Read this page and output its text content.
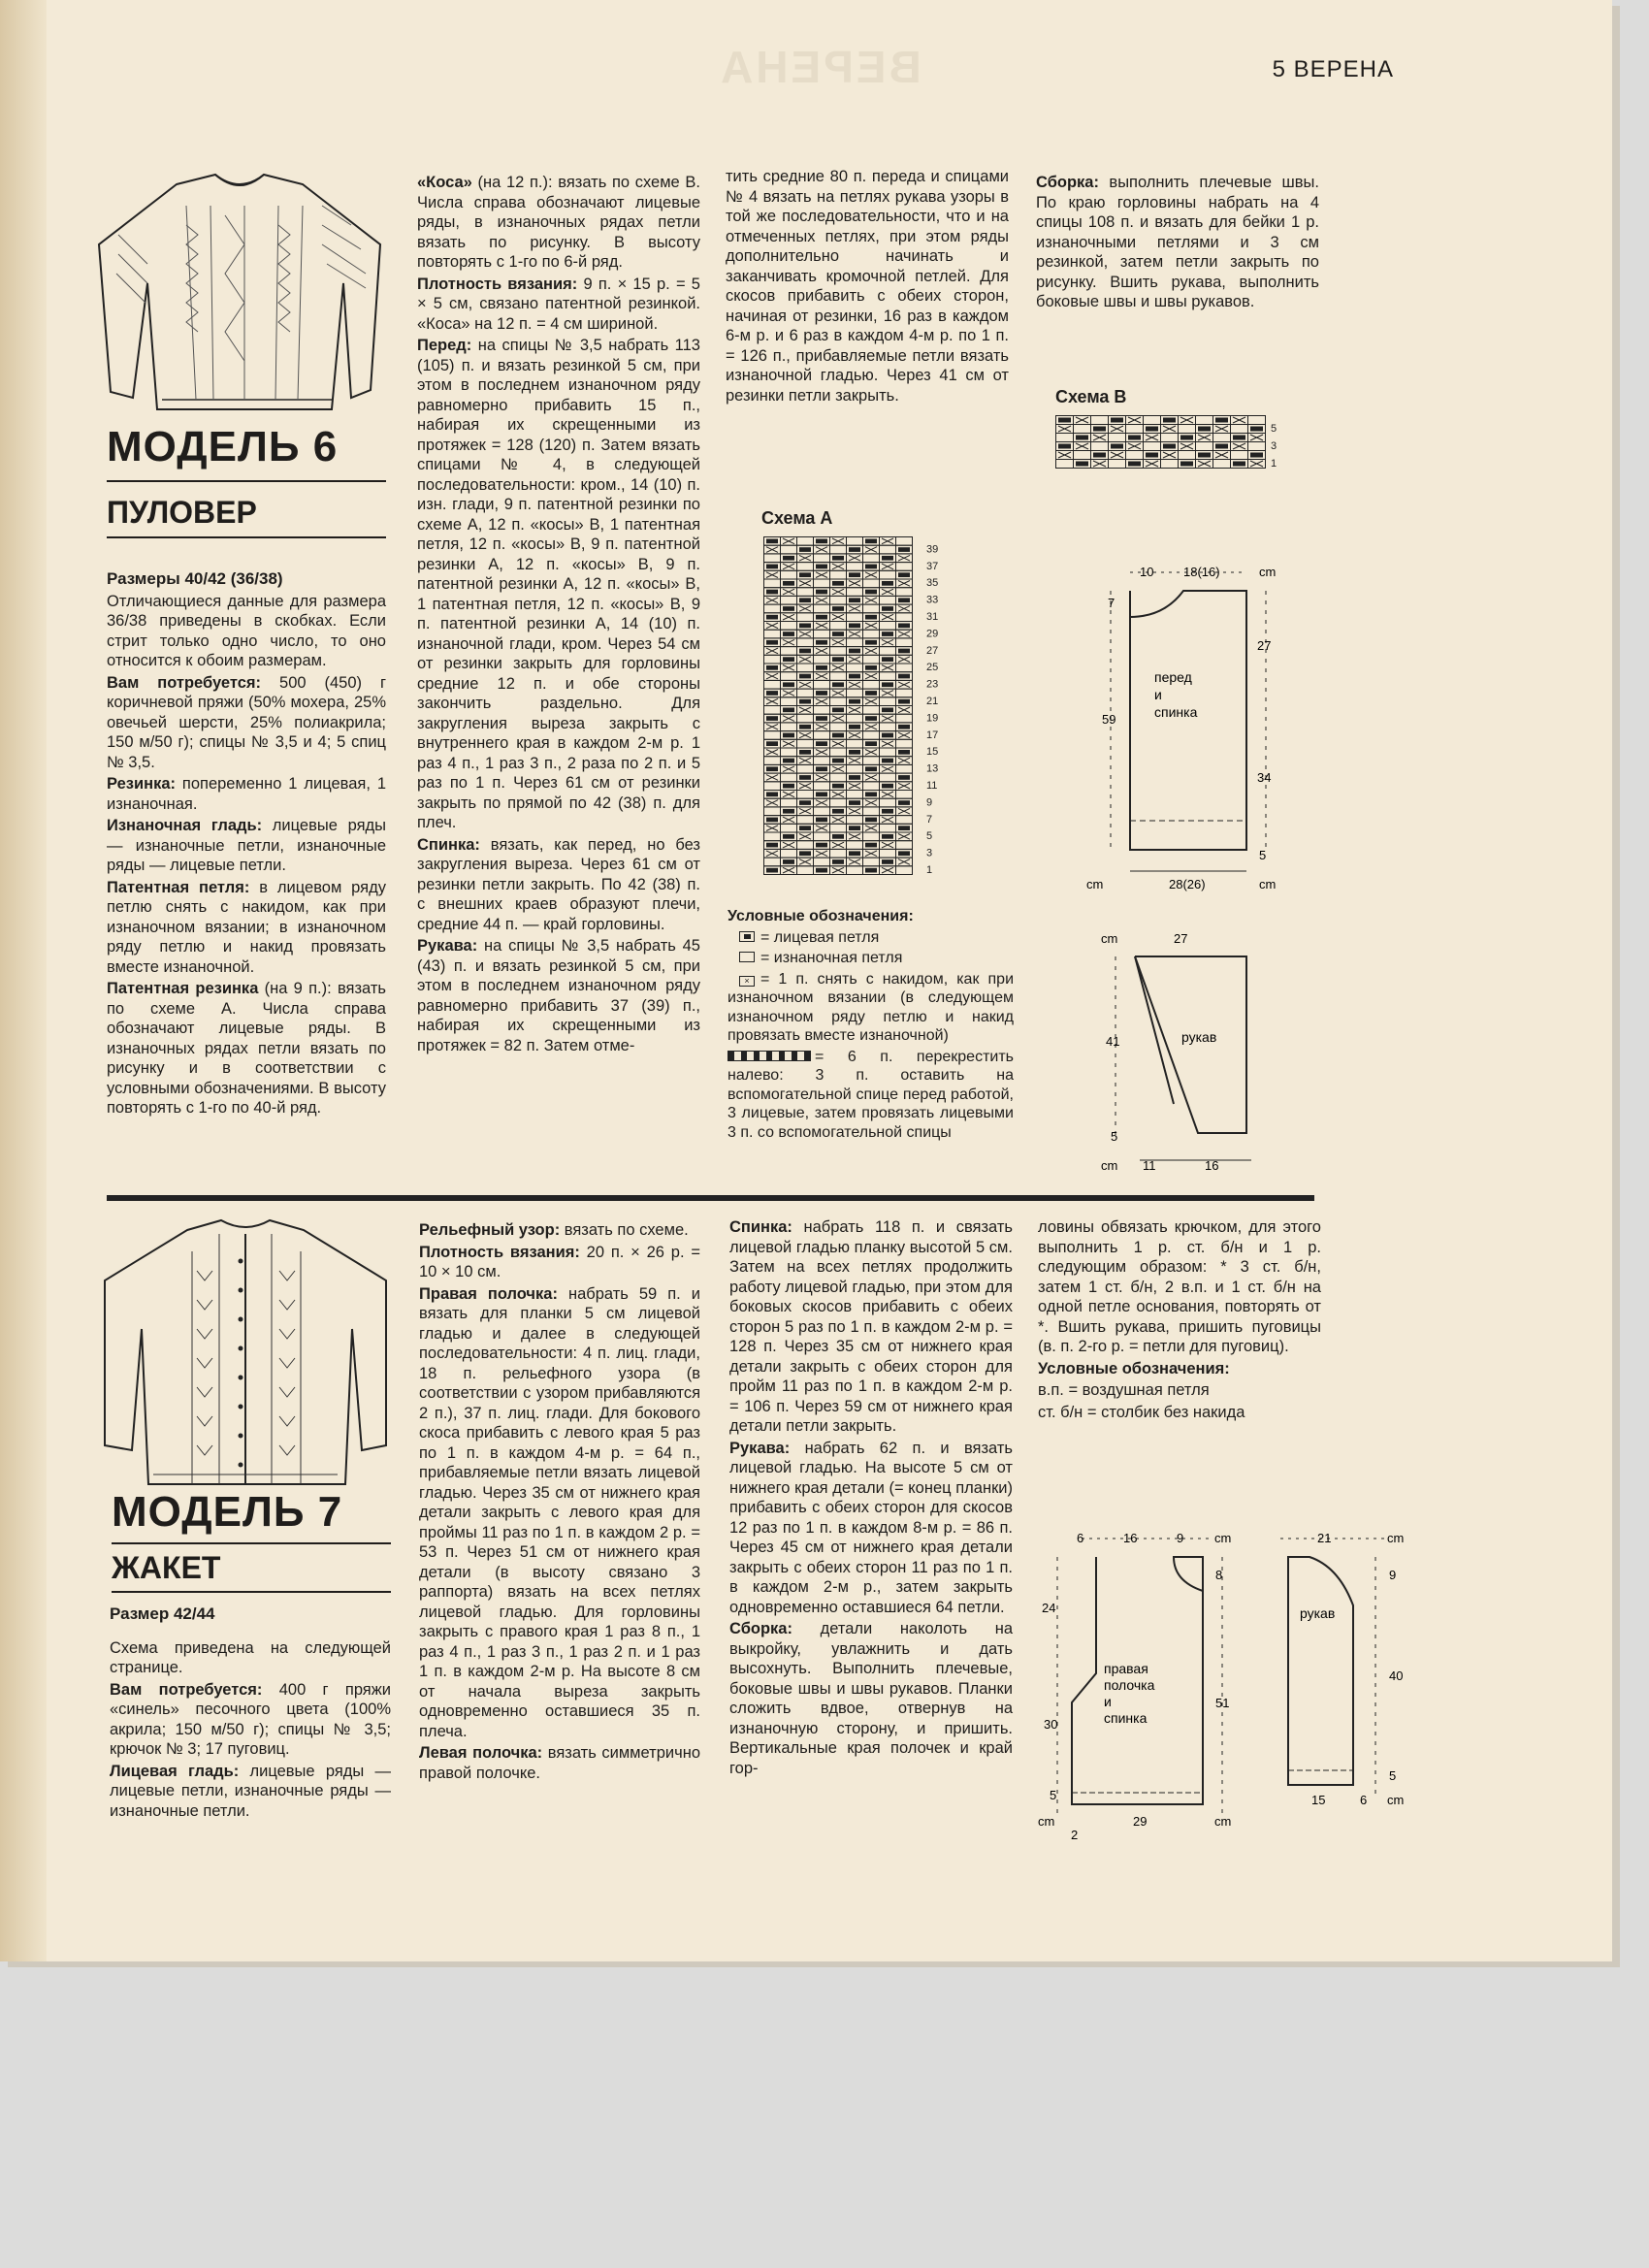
ВЕРЕНА	5 ВЕРЕНА
МОДЕЛЬ 6
ПУЛОВЕР

Размеры 40/42 (36/38)

Отличающиеся данные для размера 36/38 приведены в скобках. Если стрит только одно число, то оно относится к обоим размерам.

Вам потребуется: 500 (450) г коричневой пряжи (50% мохера, 25% овечьей шерсти, 25% полиакрила; 150 м/50 г); спицы № 3,5 и 4; 5 спиц № 3,5.

Резинка: попеременно 1 лицевая, 1 изнаночная.

Изнаночная гладь: лицевые ряды — изнаночные петли, изнаночные ряды — лицевые петли.

Патентная петля: в лицевом ряду петлю снять с накидом, как при изнаночном вязании; в изнаночном ряду петлю и накид провязать вместе изнаночной.

Патентная резинка (на 9 п.): вязать по схеме А. Числа справа обозначают лицевые ряды. В изнаночных рядах петли вязать по рисунку и в соответствии с условными обозначениями. В высоту повторять с 1-го по 40-й ряд.

«Коса» (на 12 п.): вязать по схеме В. Числа справа обозначают лицевые ряды, в изнаночных рядах петли вязать по рисунку. В высоту повторять с 1-го по 6-й ряд.

Плотность вязания: 9 п. × 15 р. = 5 × 5 см, связано патентной резинкой. «Коса» на 12 п. = 4 см шириной.

Перед: на спицы № 3,5 набрать 113 (105) п. и вязать резинкой 5 см, при этом в последнем изнаночном ряду равномерно прибавить 15 п., набирая их скрещенными из протяжек = 128 (120) п. Затем вязать спицами № 4, в следующей последовательности: кром., 14 (10) п. изн. глади, 9 п. патентной резинки по схеме А, 12 п. «косы» В, 1 патентная петля, 12 п. «косы» В, 9 п. патентной резинки А, 12 п. «косы» В, 9 п. патентной резинки А, 12 п. «косы» В, 1 патентная петля, 12 п. «косы» В, 9 п. патентной резинки А, 14 (10) п. изнаночной глади, кром. Через 54 см от резинки закрыть для горловины средние 12 п. и обе стороны закончить раздельно. Для закругления выреза закрыть с внутреннего края в каждом 2-м р. 1 раз 4 п., 1 раз 3 п., 2 раза по 2 п. и 5 раз по 1 п. Через 61 см от резинки закрыть по прямой по 42 (38) п. для плеч.

Спинка: вязать, как перед, но без закругления выреза. Через 61 см от резинки петли закрыть. По 42 (38) п. с внешних краев образуют плечи, средние 44 п. — край горловины.

Рукава: на спицы № 3,5 набрать 45 (43) п. и вязать резинкой 5 см, при этом в последнем изнаночном ряду равномерно прибавить 37 (39) п., набирая их скрещенными из протяжек = 82 п. Затем отме-

тить средние 80 п. переда и спицами № 4 вязать на петлях рукава узоры в той же последовательности, что и на отмеченных петлях, при этом ряды дополнительно начинать и заканчивать кромочной петлей. Для скосов прибавить с обеих сторон, начиная от резинки, 16 раз в каждом 6-м р. и 6 раз в каждом 4-м р. по 1 п. = 126 п., прибавляемые петли вязать изнаночной гладью. Через 41 см от резинки петли закрыть.

Сборка: выполнить плечевые швы. По краю горловины набрать на 4 спицы 108 п. и вязать для бейки 1 р. изнаночными петлями и 3 см резинкой, затем петли закрыть по рисунку. Вшить рукава, выполнить боковые швы и швы рукавов.

Схема В
5
3
1
Схема А
39
37
35
33
31
29
27
25
23
21
19
17
15
13
11
9
7
5
3
1

Условные обозначения:

= лицевая петля

= изнаночная петля

× = 1 п. снять с накидом, как при изнаночном вязании (в следующем изнаночном ряду петлю и накид провязать вместе изнаночной)

= 6 п. перекрестить налево: 3 п. оставить на вспомогательной спице перед работой, 3 лицевые, затем провязать лицевыми 3 п. со вспомогательной спицы

10 18(16)	cm
7
27
59
34
5
cm	28(26)	cm
перед
и
спинка
cm	27
41
5
cm 11	16
рукав
МОДЕЛЬ 7
ЖАКЕТ

Размер 42/44

Схема приведена на следующей странице.

Вам потребуется: 400 г пряжи «синель» песочного цвета (100% акрила; 150 м/50 г); спицы № 3,5; крючок № 3; 17 пуговиц.

Лицевая гладь: лицевые ряды — лицевые петли, изнаночные ряды — изнаночные петли.

Рельефный узор: вязать по схеме.

Плотность вязания: 20 п. × 26 р. = 10 × 10 см.

Правая полочка: набрать 59 п. и вязать для планки 5 см лицевой гладью и далее в следующей последовательности: 4 п. лиц. глади, 18 п. рельефного узора (в соответствии с узором прибавляются 2 п.), 37 п. лиц. глади. Для бокового скоса прибавить с левого края 5 раз по 1 п. в каждом 4-м р. = 64 п., прибавляемые петли вязать лицевой гладью. Через 35 см от нижнего края детали закрыть с левого края для проймы 11 раз по 1 п. в каждом 2 р. = 53 п. Через 51 см от нижнего края детали (в высоту связано 3 раппорта) вязать на всех петлях лицевой гладью. Для горловины закрыть с правого края 1 раз 8 п., 1 раз 4 п., 1 раз 3 п., 1 раз 2 п. и 1 раз 1 п. в каждом 2-м р. На высоте 8 см от начала выреза закрыть одновременно оставшиеся 35 п. плеча.

Левая полочка: вязать симметрично правой полочке.

Спинка: набрать 118 п. и связать лицевой гладью планку высотой 5 см. Затем на всех петлях продолжить работу лицевой гладью, при этом для боковых скосов прибавить с обеих сторон 5 раз по 1 п. в каждом 2-м р. = 128 п. Через 35 см от нижнего края детали закрыть с обеих сторон для пройм 11 раз по 1 п. в каждом 2-м р. = 106 п. Через 59 см от нижнего края детали петли закрыть.

Рукава: набрать 62 п. и вязать лицевой гладью. На высоте 5 см от нижнего края детали (= конец планки) прибавить с обеих сторон для скосов 12 раз по 1 п. в каждом 8-м р. = 86 п. Через 45 см от нижнего края детали закрыть с обеих сторон 11 раз по 1 п. в каждом 2-м р., затем закрыть одновременно оставшиеся 64 петли.

Сборка: детали наколоть на выкройку, увлажнить и дать высохнуть. Выполнить плечевые, боковые швы и швы рукавов. Планки сложить вдвое, отвернув на изнаночную сторону, и пришить. Вертикальные края полочек и край гор-

ловины обвязать крючком, для этого выполнить 1 р. ст. б/н и 1 р. следующим образом: * 3 ст. б/н, затем 1 ст. б/н, 2 в.п. и 1 ст. б/н на одной петле основания, повторять от *. Вшить рукава, пришить пуговицы (в. п. 2-го р. = петли для пуговиц).

Условные обозначения:

в.п. = воздушная петля

ст. б/н = столбик без накида

6	16	9 cm
8
24
51
30
5
cm	29	cm
2
правая
полочка
и
спинка
21	cm
9
40
5
15	6 cm
рукав
